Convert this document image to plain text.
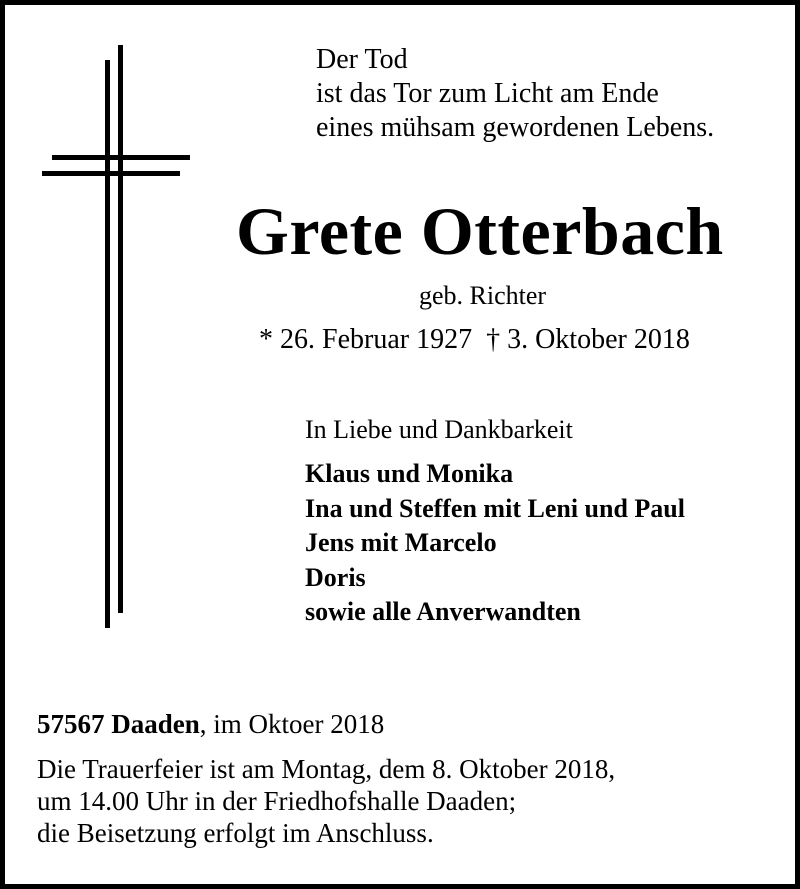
Der Tod
ist das Tor zum Licht am Ende
eines mühsam gewordenen Lebens.
Grete Otterbach
geb. Richter
* 26. Februar 1927 † 3. Oktober 2018
In Liebe und Dankbarkeit
Klaus und Monika
Ina und Steffen mit Leni und Paul
Jens mit Marcelo
Doris
sowie alle Anverwandten
57567 Daaden, im Oktoer 2018
Die Trauerfeier ist am Montag, dem 8. Oktober 2018,
um 14.00 Uhr in der Friedhofshalle Daaden;
die Beisetzung erfolgt im Anschluss.
